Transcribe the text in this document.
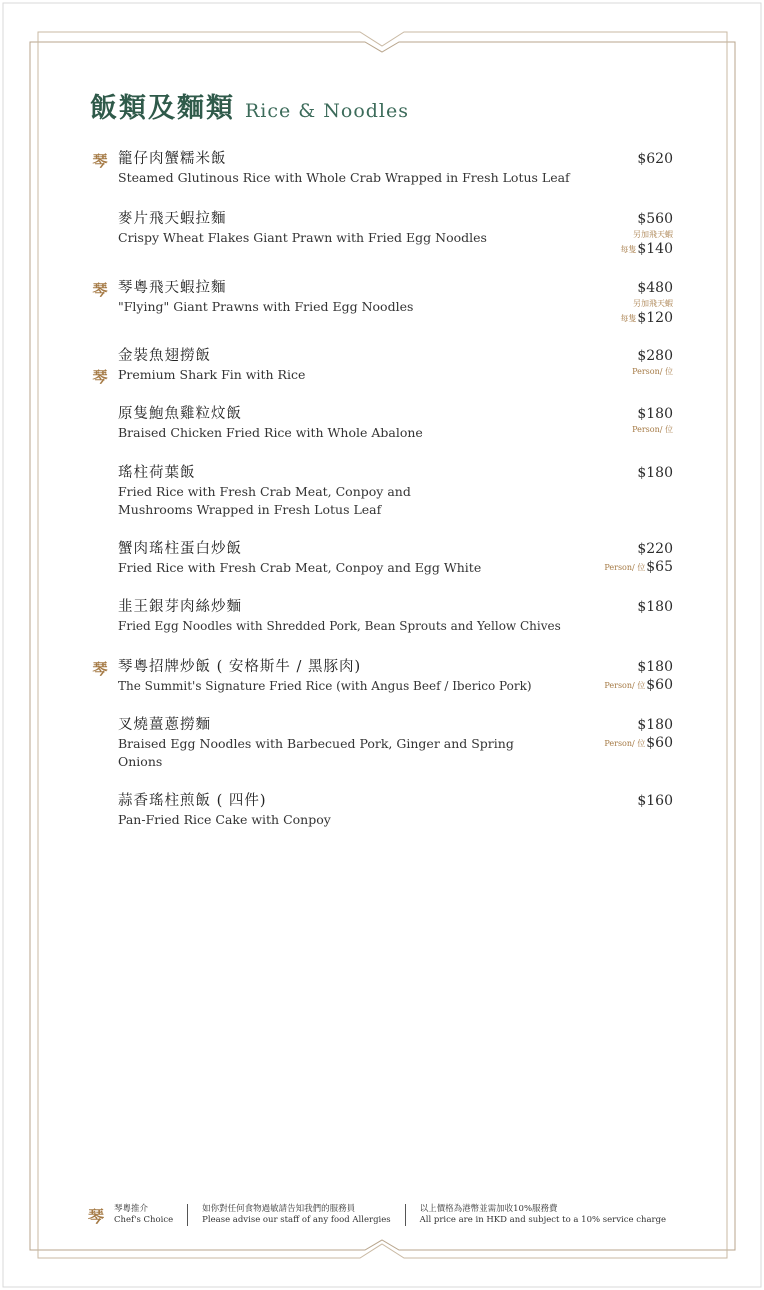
飯類及麵類 Rice & Noodles
琴 籠仔肉蟹糯米飯
Steamed Glutinous Rice with Whole Crab Wrapped in Fresh Lotus Leaf
$620
麥片飛天蝦拉麵
Crispy Wheat Flakes Giant Prawn with Fried Egg Noodles
$560
另加飛天蝦
每隻$140
琴 琴粵飛天蝦拉麵
"Flying" Giant Prawns with Fried Egg Noodles
$480
另加飛天蝦
每隻$120
琴
金裝魚翅撈飯
Premium Shark Fin with Rice
$280
Person/ 位
原隻鮑魚雞粒炆飯
Braised Chicken Fried Rice with Whole Abalone
$180
Person/ 位
瑤柱荷葉飯
Fried Rice with Fresh Crab Meat, Conpoy and Mushrooms Wrapped in Fresh Lotus Leaf
$180
蟹肉瑤柱蛋白炒飯
Fried Rice with Fresh Crab Meat, Conpoy and Egg White
$220
Person/ 位$65
韭王銀芽肉絲炒麵
Fried Egg Noodles with Shredded Pork, Bean Sprouts and Yellow Chives
$180
琴 琴粵招牌炒飯 ( 安格斯牛 / 黑豚肉)
The Summit's Signature Fried Rice (with Angus Beef / Iberico Pork)
$180
Person/ 位$60
叉燒薑蔥撈麵
Braised Egg Noodles with Barbecued Pork, Ginger and Spring Onions
$180
Person/ 位$60
蒜香瑤柱煎飯 ( 四件)
Pan-Fried Rice Cake with Conpoy
$160
琴	琴粵推介
Chef's Choice
如你對任何食物過敏請告知我們的服務員
Please advise our staff of any food Allergies
以上價格為港幣並需加收10%服務費
All price are in HKD and subject to a 10% service charge
